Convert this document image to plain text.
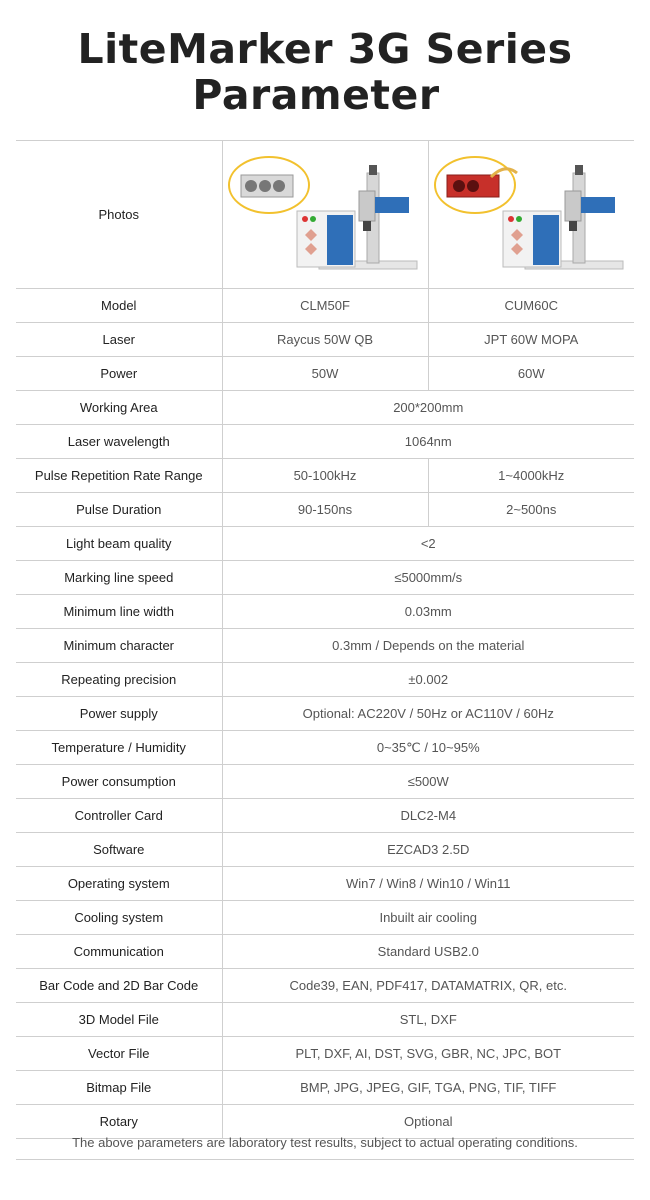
LiteMarker 3G Series

Parameter
Photos	

Model	CLM50F	CUM60C
Laser	Raycus 50W QB	JPT 60W MOPA
Power	50W	60W
Working Area	200*200mm	
Laser wavelength	1064nm	
Pulse Repetition Rate Range	50-100kHz	1~4000kHz
Pulse Duration	90-150ns	2~500ns
Light beam quality	<2	
Marking line speed	≤5000mm/s	
Minimum line width	0.03mm	
Minimum character	0.3mm / Depends on the material	
Repeating precision	±0.002	
Power supply	Optional: AC220V / 50Hz or AC110V / 60Hz	
Temperature / Humidity	0~35℃ / 10~95%	
Power consumption	≤500W	
Controller Card	DLC2-M4	
Software	EZCAD3 2.5D	
Operating system	Win7 / Win8 / Win10 / Win11	
Cooling system	Inbuilt air cooling	
Communication	Standard USB2.0	
Bar Code and 2D Bar Code	Code39, EAN, PDF417, DATAMATRIX, QR, etc.	
3D Model File	STL, DXF	
Vector File	PLT, DXF, AI, DST, SVG, GBR, NC, JPC, BOT	
Bitmap File	BMP, JPG, JPEG, GIF, TGA, PNG, TIF, TIFF	
Rotary	Optional	
The above parameters are laboratory test results, subject to actual operating conditions.
